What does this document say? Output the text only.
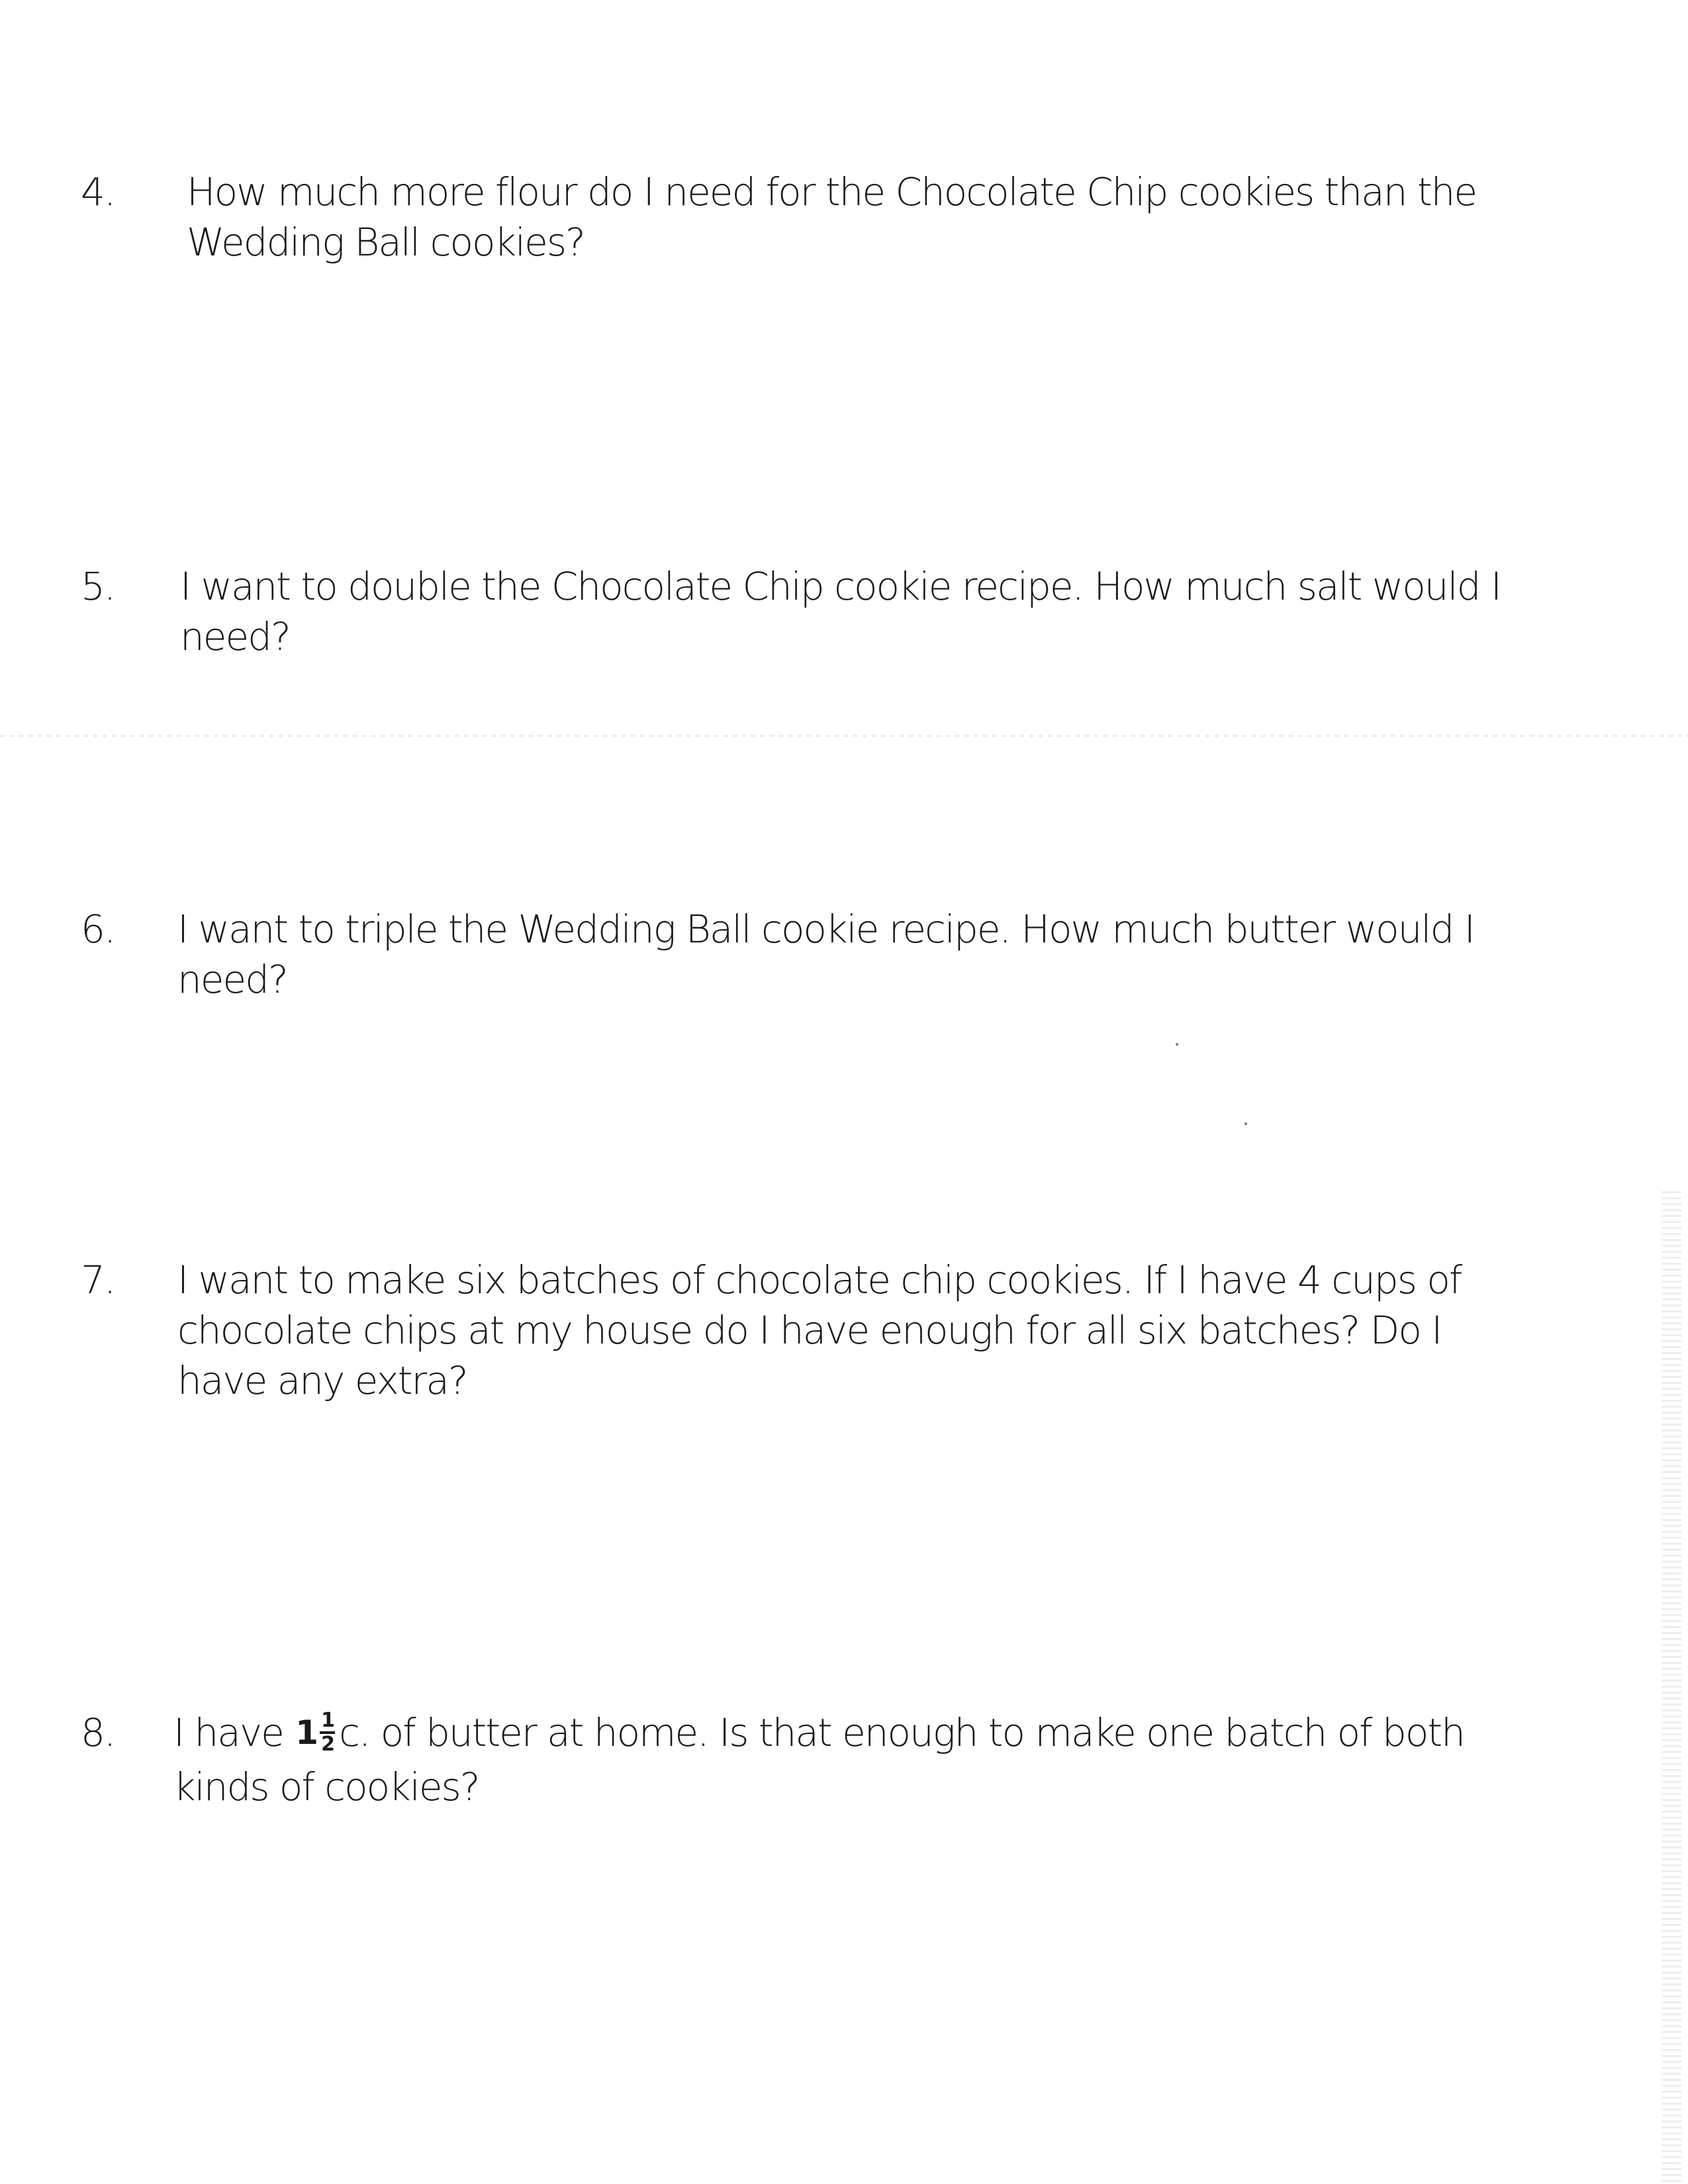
4.	How much more flour do I need for the Chocolate Chip cookies than the Wedding Ball cookies?
5.	I want to double the Chocolate Chip cookie recipe. How much salt would I need?
6.	I want to triple the Wedding Ball cookie recipe. How much butter would I need?
7.	I want to make six batches of chocolate chip cookies. If I have 4 cups of chocolate chips at my house do I have enough for all six batches? Do I have any extra?
8.	I have $1 \frac{1}{2} c$. of butter at home. Is that enough to make one batch of both kinds of cookies?
